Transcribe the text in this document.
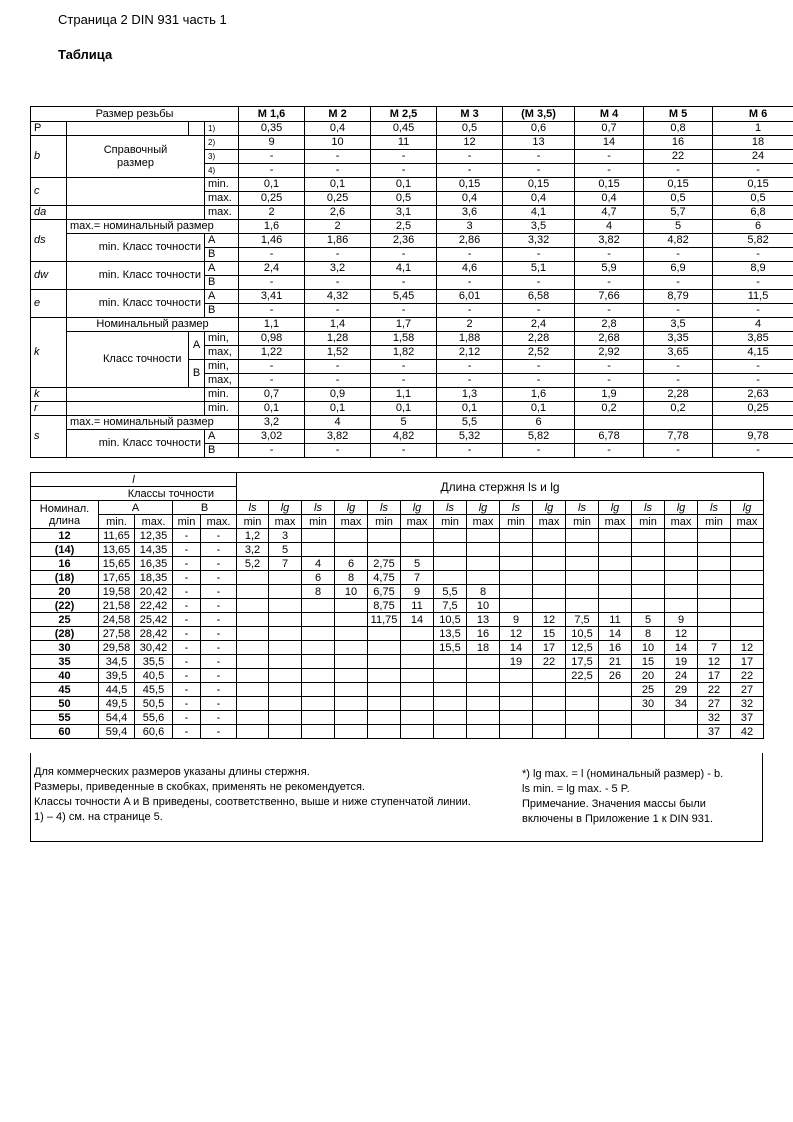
Страница 2 DIN 931 часть 1
Таблица
Размер резьбы				M 1,6	M 2	M 2,5	M 3	(M 3,5)	M 4	M 5	M 6
P			1)	0,35	0,4	0,45	0,5	0,6	0,7	0,8	1
b	Справочный
размер		2)	9	10	11	12	13	14	16	18
			3)	-	-	-	-	-	-	22	24
			4)	-	-	-	-	-	-	-	-
c			min.	0,1	0,1	0,1	0,15	0,15	0,15	0,15	0,15
			max.	0,25	0,25	0,5	0,4	0,4	0,4	0,5	0,5
da			max.	2	2,6	3,1	3,6	4,1	4,7	5,7	6,8
ds	max.= номинальный размер			1,6	2	2,5	3	3,5	4	5	6
	min. Класс точности		A	1,46	1,86	2,36	2,86	3,32	3,82	4,82	5,82
			B	-	-	-	-	-	-	-	-
dw	min. Класс точности		A	2,4	3,2	4,1	4,6	5,1	5,9	6,9	8,9
			B	-	-	-	-	-	-	-	-
e	min. Класс точности		A	3,41	4,32	5,45	6,01	6,58	7,66	8,79	11,5
			B	-	-	-	-	-	-	-	-
k	Номинальный размер			1,1	1,4	1,7	2	2,4	2,8	3,5	4
	Класс точности	A	min,	0,98	1,28	1,58	1,88	2,28	2,68	3,35	3,85
			max,	1,22	1,52	1,82	2,12	2,52	2,92	3,65	4,15
		B	min,	-	-	-	-	-	-	-	-
			max,	-	-	-	-	-	-	-	-
k			min.	0,7	0,9	1,1	1,3	1,6	1,9	2,28	2,63
r			min.	0,1	0,1	0,1	0,1	0,1	0,2	0,2	0,25
s	max.= номинальный размер			3,2	4	5	5,5	6			
	min. Класс точности		A	3,02	3,82	4,82	5,32	5,82	6,78	7,78	9,78
			B	-	-	-	-	-	-	-	-
l					Длина стержня ls и lg															
Классы точности																				

Номинал.
длина	A		B		ls	lg	ls	lg	ls	lg	ls	lg	ls	lg	ls	lg	ls	lg	ls	lg
	min.	max.	min	max.	min	max	min	max	min	max	min	max	min	max	min	max	min	max	min	max
12	11,65	12,35	-	-	1,2	3														
(14)	13,65	14,35	-	-	3,2	5														
16	15,65	16,35	-	-	5,2	7	4	6	2,75	5										
(18)	17,65	18,35	-	-			6	8	4,75	7										
20	19,58	20,42	-	-			8	10	6,75	9	5,5	8								
(22)	21,58	22,42	-	-					8,75	11	7,5	10								
25	24,58	25,42	-	-					11,75	14	10,5	13	9	12	7,5	11	5	9		
(28)	27,58	28,42	-	-							13,5	16	12	15	10,5	14	8	12		
30	29,58	30,42	-	-							15,5	18	14	17	12,5	16	10	14	7	12
35	34,5	35,5	-	-									19	22	17,5	21	15	19	12	17
40	39,5	40,5	-	-											22,5	26	20	24	17	22
45	44,5	45,5	-	-													25	29	22	27
50	49,5	50,5	-	-													30	34	27	32
55	54,4	55,6	-	-															32	37
60	59,4	60,6	-	-															37	42
Для коммерческих размеров указаны длины стержня.
Размеры, приведенные в скобках, применять не рекомендуется.
Классы точности A и B приведены, соответственно, выше и ниже ступенчатой линии.
1) – 4) см. на странице 5.
*) lg max. = l (номинальный размер) - b.
ls min. = lg max. - 5 P.
Примечание. Значения массы были
включены в Приложение 1 к DIN 931.
